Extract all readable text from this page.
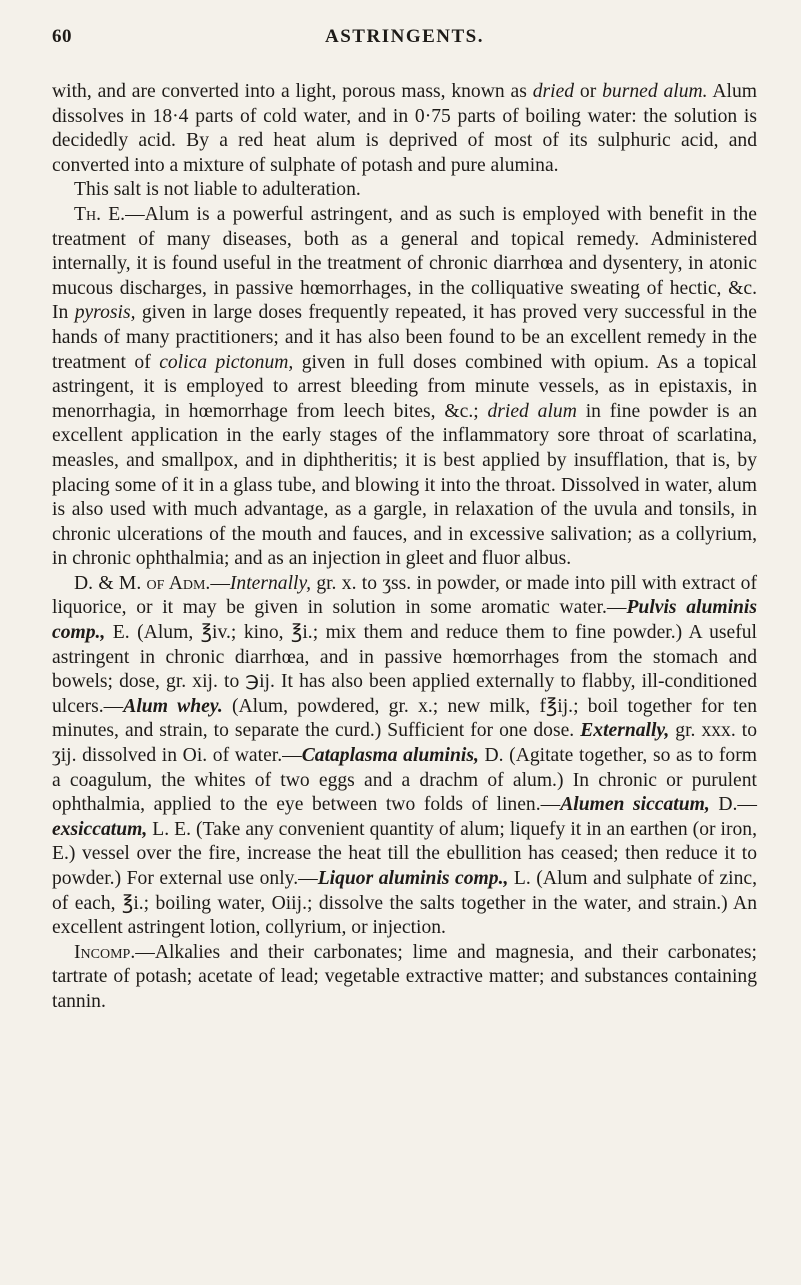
60	ASTRINGENTS.

with, and are converted into a light, porous mass, known as dried or burned alum. Alum dissolves in 18·4 parts of cold water, and in 0·75 parts of boiling water: the solution is decidedly acid. By a red heat alum is deprived of most of its sulphuric acid, and converted into a mixture of sulphate of potash and pure alumina.

This salt is not liable to adulteration.

Th. E.—Alum is a powerful astringent, and as such is employed with benefit in the treatment of many diseases, both as a general and topical remedy. Administered internally, it is found useful in the treatment of chronic diarrhœa and dysentery, in atonic mucous discharges, in passive hœmorrhages, in the colliquative sweating of hectic, &c. In pyrosis, given in large doses frequently repeated, it has proved very successful in the hands of many practitioners; and it has also been found to be an excellent remedy in the treatment of colica pictonum, given in full doses combined with opium. As a topical astringent, it is employed to arrest bleeding from minute vessels, as in epistaxis, in menorrhagia, in hœmorrhage from leech bites, &c.; dried alum in fine powder is an excellent application in the early stages of the inflammatory sore throat of scarlatina, measles, and smallpox, and in diphtheritis; it is best applied by insufflation, that is, by placing some of it in a glass tube, and blowing it into the throat. Dissolved in water, alum is also used with much advantage, as a gargle, in relaxation of the uvula and tonsils, in chronic ulcerations of the mouth and fauces, and in excessive salivation; as a collyrium, in chronic ophthalmia; and as an injection in gleet and fluor albus.

D. & M. of Adm.—Internally, gr. x. to ʒss. in powder, or made into pill with extract of liquorice, or it may be given in solution in some aromatic water.—Pulvis aluminis comp., E. (Alum, ℥iv.; kino, ℥i.; mix them and reduce them to fine powder.) A useful astringent in chronic diarrhœa, and in passive hœmorrhages from the stomach and bowels; dose, gr. xij. to ℈ij. It has also been applied externally to flabby, ill-conditioned ulcers.—Alum whey. (Alum, powdered, gr. x.; new milk, f℥ij.; boil together for ten minutes, and strain, to separate the curd.) Sufficient for one dose. Externally, gr. xxx. to ʒij. dissolved in Oi. of water.—Cataplasma aluminis, D. (Agitate together, so as to form a coagulum, the whites of two eggs and a drachm of alum.) In chronic or purulent ophthalmia, applied to the eye between two folds of linen.—Alumen siccatum, D.—exsiccatum, L. E. (Take any convenient quantity of alum; liquefy it in an earthen (or iron, E.) vessel over the fire, increase the heat till the ebullition has ceased; then reduce it to powder.) For external use only.—Liquor aluminis comp., L. (Alum and sulphate of zinc, of each, ℥i.; boiling water, Oiij.; dissolve the salts together in the water, and strain.) An excellent astringent lotion, collyrium, or injection.

Incomp.—Alkalies and their carbonates; lime and magnesia, and their carbonates; tartrate of potash; acetate of lead; vegetable extractive matter; and substances containing tannin.
